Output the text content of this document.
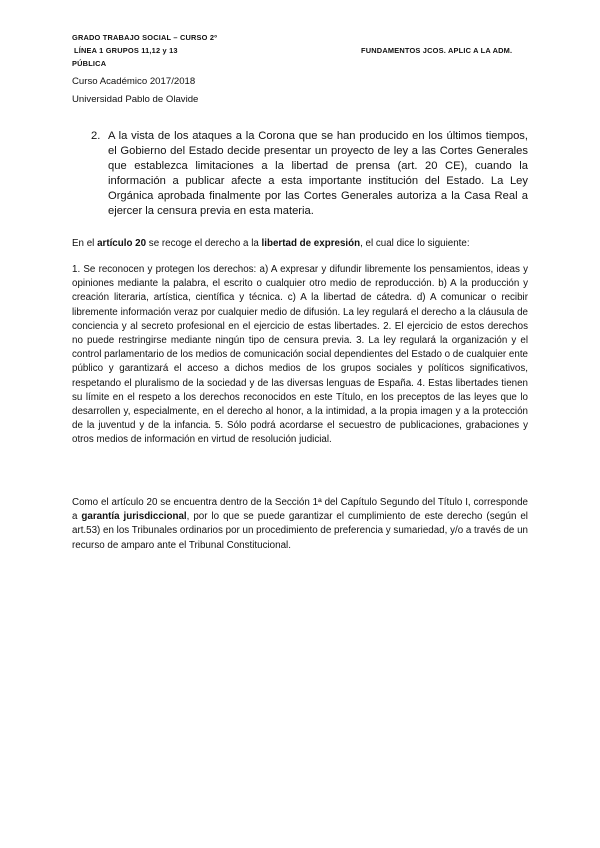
GRADO TRABAJO SOCIAL – CURSO 2º
LÍNEA 1 GRUPOS 11,12 y 13	FUNDAMENTOS JCOS. APLIC A LA ADM.
PÚBLICA
Curso Académico 2017/2018
Universidad Pablo de Olavide
2. A la vista de los ataques a la Corona que se han producido en los últimos tiempos, el Gobierno del Estado decide presentar un proyecto de ley a las Cortes Generales que establezca limitaciones a la libertad de prensa (art. 20 CE), cuando la información a publicar afecte a esta importante institución del Estado. La Ley Orgánica aprobada finalmente por las Cortes Generales autoriza a la Casa Real a ejercer la censura previa en esta materia.
En el artículo 20 se recoge el derecho a la libertad de expresión, el cual dice lo siguiente:
1. Se reconocen y protegen los derechos: a) A expresar y difundir libremente los pensamientos, ideas y opiniones mediante la palabra, el escrito o cualquier otro medio de reproducción. b) A la producción y creación literaria, artística, científica y técnica. c) A la libertad de cátedra. d) A comunicar o recibir libremente información veraz por cualquier medio de difusión. La ley regulará el derecho a la cláusula de conciencia y al secreto profesional en el ejercicio de estas libertades. 2. El ejercicio de estos derechos no puede restringirse mediante ningún tipo de censura previa. 3. La ley regulará la organización y el control parlamentario de los medios de comunicación social dependientes del Estado o de cualquier ente público y garantizará el acceso a dichos medios de los grupos sociales y políticos significativos, respetando el pluralismo de la sociedad y de las diversas lenguas de España. 4. Estas libertades tienen su límite en el respeto a los derechos reconocidos en este Título, en los preceptos de las leyes que lo desarrollen y, especialmente, en el derecho al honor, a la intimidad, a la propia imagen y a la protección de la juventud y de la infancia. 5. Sólo podrá acordarse el secuestro de publicaciones, grabaciones y otros medios de información en virtud de resolución judicial.
Como el artículo 20 se encuentra dentro de la Sección 1ª del Capítulo Segundo del Título I, corresponde a garantía jurisdiccional, por lo que se puede garantizar el cumplimiento de este derecho (según el art.53) en los Tribunales ordinarios por un procedimiento de preferencia y sumariedad, y/o a través de un recurso de amparo ante el Tribunal Constitucional.
